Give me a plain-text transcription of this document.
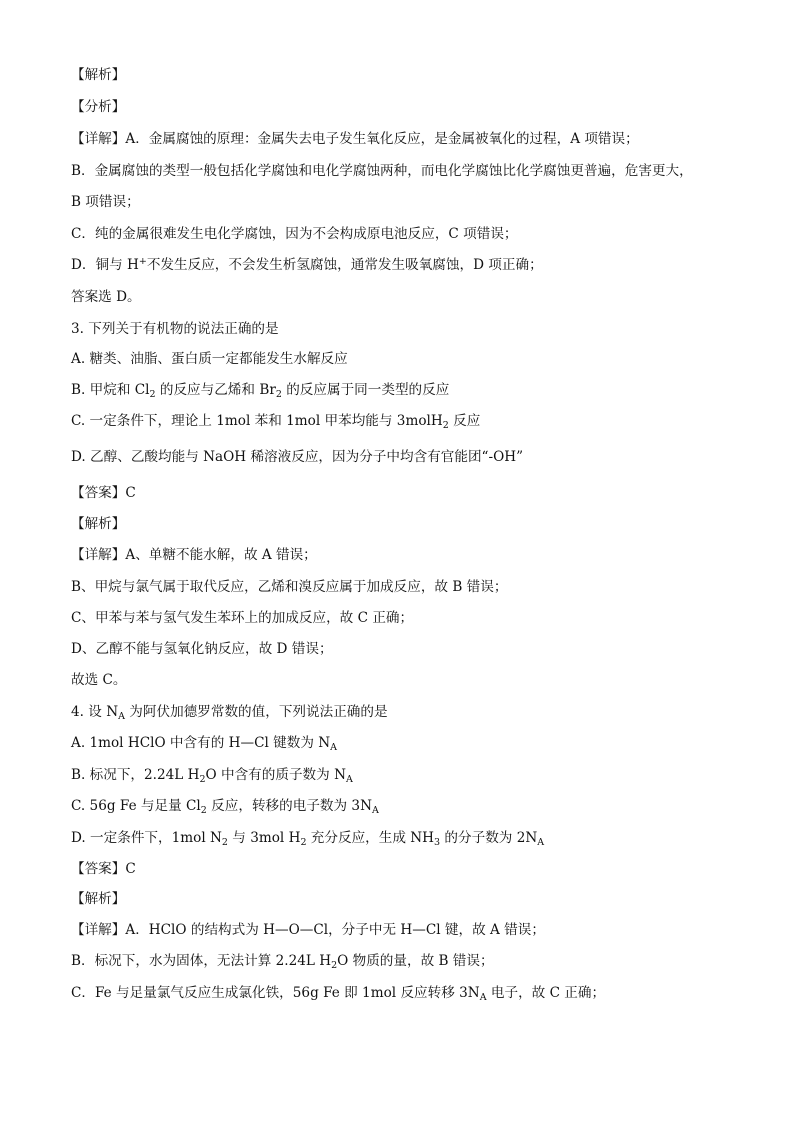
【解析】
【分析】
【详解】A．金属腐蚀的原理：金属失去电子发生氧化反应，是金属被氧化的过程，A 项错误；
B．金属腐蚀的类型一般包括化学腐蚀和电化学腐蚀两种，而电化学腐蚀比化学腐蚀更普遍，危害更大，
B 项错误；
C．纯的金属很难发生电化学腐蚀，因为不会构成原电池反应，C 项错误；
D．铜与 H+不发生反应，不会发生析氢腐蚀，通常发生吸氧腐蚀，D 项正确；
答案选 D。
3. 下列关于有机物的说法正确的是
A. 糖类、油脂、蛋白质一定都能发生水解反应
B. 甲烷和 $Cl_2$ 的反应与乙烯和 $Br_2$ 的反应属于同一类型的反应
C. 一定条件下，理论上 1mol 苯和 1mol 甲苯均能与 3molH$_2$ 反应
D. 乙醇、乙酸均能与 NaOH 稀溶液反应，因为分子中均含有官能团“-OH”
【答案】C
【解析】
【详解】A、单糖不能水解，故 A 错误；
B、甲烷与氯气属于取代反应，乙烯和溴反应属于加成反应，故 B 错误；
C、甲苯与苯与氢气发生苯环上的加成反应，故 C 正确；
D、乙醇不能与氢氧化钠反应，故 D 错误；
故选 C。
4. 设 $N_A$ 为阿伏加德罗常数的值，下列说法正确的是
A. 1mol HClO 中含有的 H—Cl 键数为 $N_A$
B. 标况下，2.24L $H_2O$ 中含有的质子数为 $N_A$
C. 56g Fe 与足量 $Cl_2$ 反应，转移的电子数为 $3N_A$
D. 一定条件下，1mol $N_2$ 与 3mol $H_2$ 充分反应，生成 $NH_3$ 的分子数为 $2N_A$
【答案】C
【解析】
【详解】A．HClO 的结构式为 H—O—Cl，分子中无 H—Cl 键，故 A 错误；
B．标况下，水为固体，无法计算 2.24L $H_2O$ 物质的量，故 B 错误；
C．Fe 与足量氯气反应生成氯化铁，56g Fe 即 1mol 反应转移 $3N_A$ 电子，故 C 正确；
